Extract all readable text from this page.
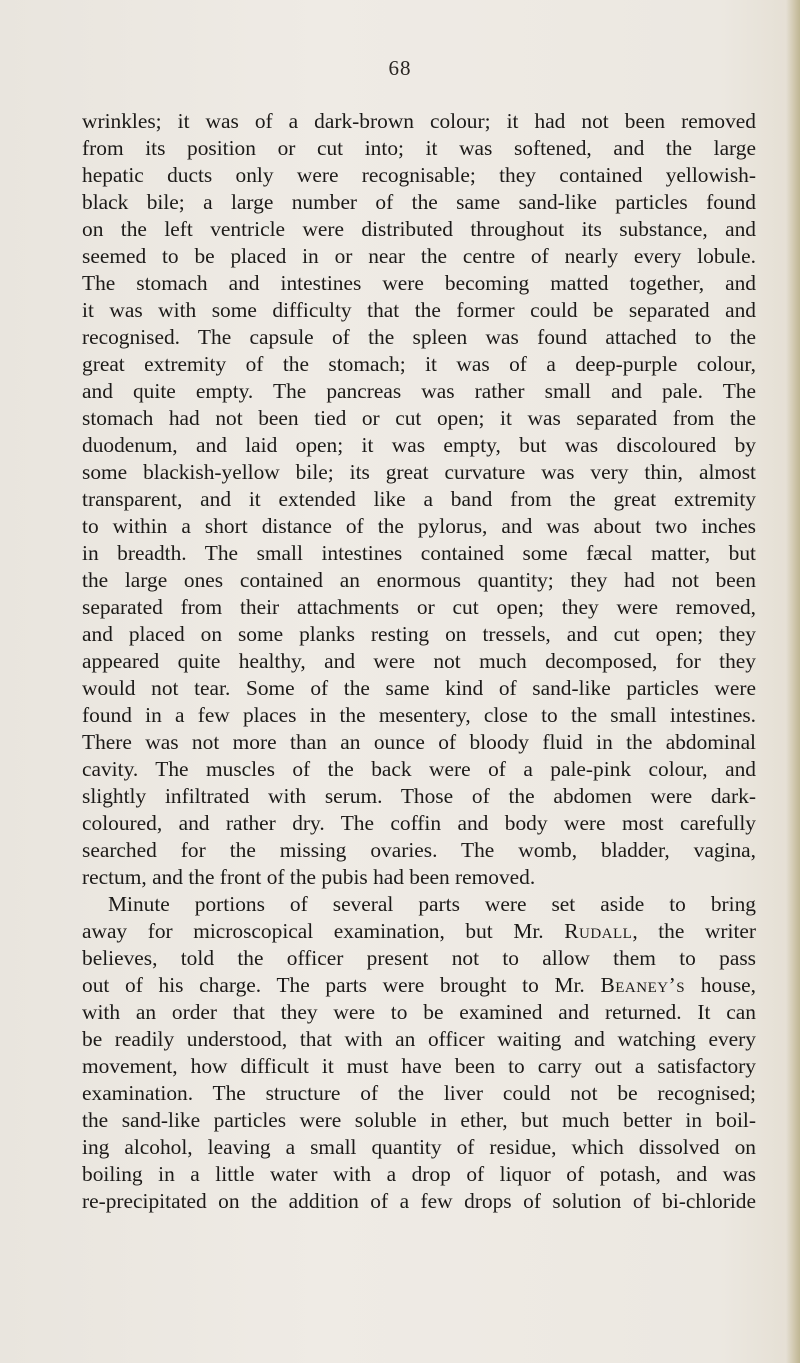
68
wrinkles; it was of a dark-brown colour; it had not been removed
from its position or cut into; it was softened, and the large
hepatic ducts only were recognisable; they contained yellowish-
black bile; a large number of the same sand-like particles found
on the left ventricle were distributed throughout its substance, and
seemed to be placed in or near the centre of nearly every lobule.
The stomach and intestines were becoming matted together, and
it was with some difficulty that the former could be separated and
recognised. The capsule of the spleen was found attached to the
great extremity of the stomach; it was of a deep-purple colour,
and quite empty. The pancreas was rather small and pale. The
stomach had not been tied or cut open; it was separated from the
duodenum, and laid open; it was empty, but was discoloured by
some blackish-yellow bile; its great curvature was very thin, almost
transparent, and it extended like a band from the great extremity
to within a short distance of the pylorus, and was about two inches
in breadth. The small intestines contained some fæcal matter, but
the large ones contained an enormous quantity; they had not been
separated from their attachments or cut open; they were removed,
and placed on some planks resting on tressels, and cut open; they
appeared quite healthy, and were not much decomposed, for they
would not tear. Some of the same kind of sand-like particles were
found in a few places in the mesentery, close to the small intestines.
There was not more than an ounce of bloody fluid in the abdominal
cavity. The muscles of the back were of a pale-pink colour, and
slightly infiltrated with serum. Those of the abdomen were dark-
coloured, and rather dry. The coffin and body were most carefully
searched for the missing ovaries. The womb, bladder, vagina,
rectum, and the front of the pubis had been removed.
Minute portions of several parts were set aside to bring
away for microscopical examination, but Mr. Rudall, the writer
believes, told the officer present not to allow them to pass
out of his charge. The parts were brought to Mr. Beaney’s house,
with an order that they were to be examined and returned. It can
be readily understood, that with an officer waiting and watching every
movement, how difficult it must have been to carry out a satisfactory
examination. The structure of the liver could not be recognised;
the sand-like particles were soluble in ether, but much better in boil-
ing alcohol, leaving a small quantity of residue, which dissolved on
boiling in a little water with a drop of liquor of potash, and was
re-precipitated on the addition of a few drops of solution of bi-chloride
